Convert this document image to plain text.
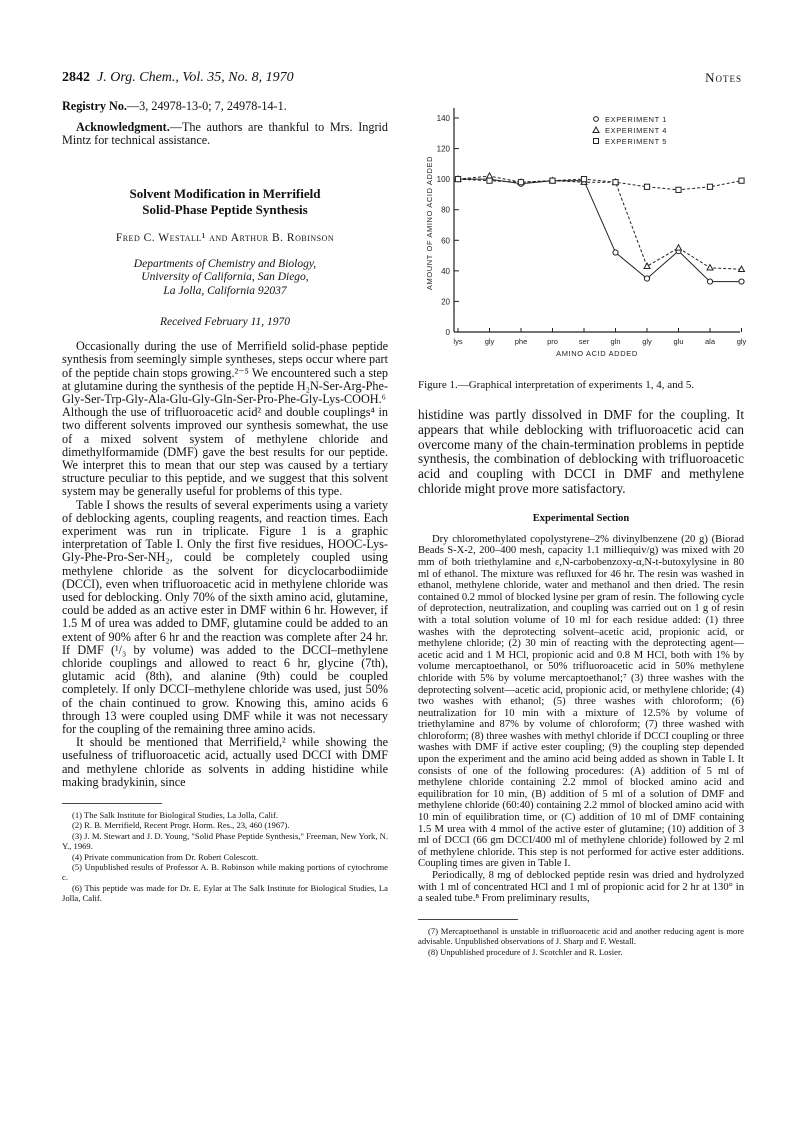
2842 J. Org. Chem., Vol. 35, No. 8, 1970	Notes

Registry No.—3, 24978-13-0; 7, 24978-14-1.

Acknowledgment.—The authors are thankful to Mrs. Ingrid Mintz for technical assistance.

Solvent Modification in Merrifield
Solid-Phase Peptide Synthesis
Fred C. Westall¹ and Arthur B. Robinson
Departments of Chemistry and Biology,
University of California, San Diego,
La Jolla, California 92037
Received February 11, 1970

Occasionally during the use of Merrifield solid-phase peptide synthesis from seemingly simple syntheses, steps occur where part of the peptide chain stops growing.²⁻⁵ We encountered such a step at glutamine during the synthesis of the peptide H₂N-Ser-Arg-Phe-Gly-Ser-Trp-Gly-Ala-Glu-Gly-Gln-Ser-Pro-Phe-Gly-Lys-COOH.⁶ Although the use of trifluoroacetic acid² and double couplings⁴ in two different solvents improved our synthesis somewhat, the use of a mixed solvent system of methylene chloride and dimethylformamide (DMF) gave the best results for our peptide. We interpret this to mean that our step was caused by a tertiary structure peculiar to this peptide, and we suggest that this solvent system may be generally useful for problems of this type.

Table I shows the results of several experiments using a variety of deblocking agents, coupling reagents, and reaction times. Each experiment was run in triplicate. Figure 1 is a graphic interpretation of Table I. Only the first five residues, HOOC-Lys-Gly-Phe-Pro-Ser-NH₂, could be completely coupled using methylene chloride as the solvent for dicyclocarbodiimide (DCCI), even when trifluoroacetic acid in methylene chloride was used for deblocking. Only 70% of the sixth amino acid, glutamine, could be added as an active ester in DMF within 6 hr. However, if 1.5 M of urea was added to DMF, glutamine could be added to an extent of 90% after 6 hr and the reaction was complete after 24 hr. If DMF (¹/₃ by volume) was added to the DCCI–methylene chloride couplings and allowed to react 6 hr, glycine (7th), glutamic acid (8th), and alanine (9th) could be coupled completely. If only DCCI–methylene chloride was used, just 50% of the chain continued to grow. Knowing this, amino acids 6 through 13 were coupled using DMF while it was not necessary for the coupling of the remaining three amino acids.

It should be mentioned that Merrifield,² while showing the usefulness of trifluoroacetic acid, actually used DCCI with DMF and methylene chloride as solvents in adding histidine while making bradykinin, since

(1) The Salk Institute for Biological Studies, La Jolla, Calif.

(2) R. B. Merrifield, Recent Progr. Horm. Res., 23, 460 (1967).

(3) J. M. Stewart and J. D. Young, "Solid Phase Peptide Synthesis," Freeman, New York, N. Y., 1969.

(4) Private communication from Dr. Robert Colescott.

(5) Unpublished results of Professor A. B. Robinson while making portions of cytochrome c.

(6) This peptide was made for Dr. E. Eylar at The Salk Institute for Biological Studies, La Jolla, Calif.

0
20
40
60
80
100
120
140
lys	gly	phe	pro	ser	gln	gly	glu	ala	gly
AMINO ACID ADDED
AMOUNT OF AMINO ACID ADDED
EXPERIMENT 1
EXPERIMENT 4
EXPERIMENT 5
Figure 1.—Graphical interpretation of experiments 1, 4, and 5.

histidine was partly dissolved in DMF for the coupling. It appears that while deblocking with trifluoroacetic acid can overcome many of the chain-termination problems in peptide synthesis, the combination of deblocking with trifluoroacetic acid and coupling with DCCI in DMF and methylene chloride might prove more satisfactory.

Experimental Section

Dry chloromethylated copolystyrene–2% divinylbenzene (20 g) (Biorad Beads S-X-2, 200–400 mesh, capacity 1.1 milliequiv/g) was mixed with 20 mm of both triethylamine and ε,N-carbobenzoxy-α,N-t-butoxylysine in 80 ml of ethanol. The mixture was refluxed for 46 hr. The resin was washed in ethanol, methylene chloride, water and methanol and then dried. The resin contained 0.2 mmol of blocked lysine per gram of resin. The following cycle of deprotection, neutralization, and coupling was carried out on 1 g of resin with a total solution volume of 10 ml for each residue added: (1) three washes with the deprotecting solvent–acetic acid, propionic acid, or methylene chloride; (2) 30 min of reacting with the deprotecting agent—acetic acid and 1 M HCl, propionic acid and 0.8 M HCl, both with 1% by volume mercaptoethanol, or 50% trifluoroacetic acid in 50% methylene chloride with 5% by volume mercaptoethanol;⁷ (3) three washes with the deprotecting solvent—acetic acid, propionic acid, or methylene chloride; (4) two washes with ethanol; (5) three washes with chloroform; (6) neutralization for 10 min with a mixture of 12.5% by volume of triethylamine and 87% by volume of chloroform; (7) three washed with chloroform; (8) three washes with methyl chloride if DCCI coupling or three washes with DMF if active ester coupling; (9) the coupling step depended upon the experiment and the amino acid being added as shown in Table I. It consists of one of the following procedures: (A) addition of 5 ml of methylene chloride containing 2.2 mmol of blocked amino acid and equilibration for 10 min, (B) addition of 5 ml of a solution of DMF and methylene chloride (60:40) containing 2.2 mmol of blocked amino acid with 10 min of equilibration time, or (C) addition of 10 ml of DMF containing 1.5 M urea with 4 mmol of the active ester of glutamine; (10) addition of 3 ml of DCCI (66 gm DCCI/400 ml of methylene chloride) followed by 2 ml of methylene chloride. This step is not performed for active ester additions. Coupling times are given in Table I.

Periodically, 8 mg of deblocked peptide resin was dried and hydrolyzed with 1 ml of concentrated HCl and 1 ml of propionic acid for 2 hr at 130° in a sealed tube.⁸ From preliminary results,

(7) Mercaptoethanol is unstable in trifluoroacetic acid and another reducing agent is more advisable. Unpublished observations of J. Sharp and F. Westall.

(8) Unpublished procedure of J. Scotchler and R. Losier.
